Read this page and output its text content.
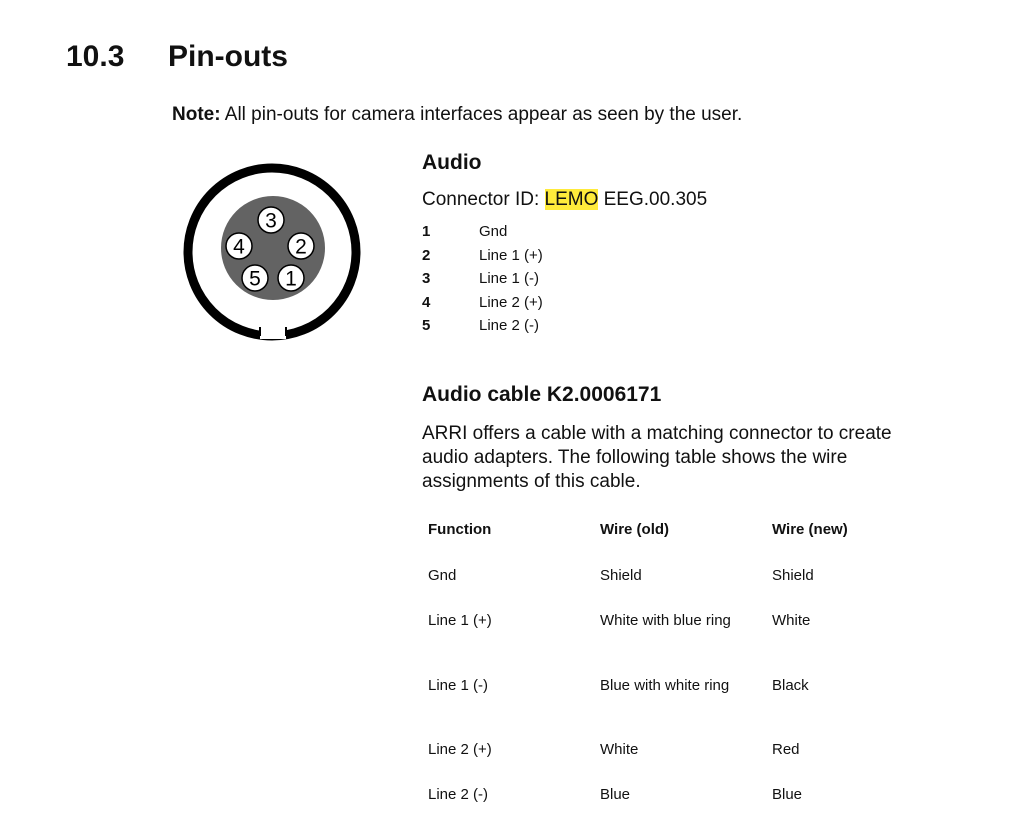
10.3 Pin-outs
Note: All pin-outs for camera interfaces appear as seen by the user.
3
4 2
5 1
Audio
Connector ID: LEMO EEG.00.305
1	Gnd
2	Line 1 (+)
3	Line 1 (-)
4	Line 2 (+)
5	Line 2 (-)
Audio cable K2.0006171
ARRI offers a cable with a matching connector to create audio adapters. The following table shows the wire assignments of this cable.
Function	Wire (old)	Wire (new)
Gnd	Shield	Shield
Line 1 (+)	White with blue ring	White
Line 1 (-)	Blue with white ring	Black
Line 2 (+)	White	Red
Line 2 (-)	Blue	Blue
